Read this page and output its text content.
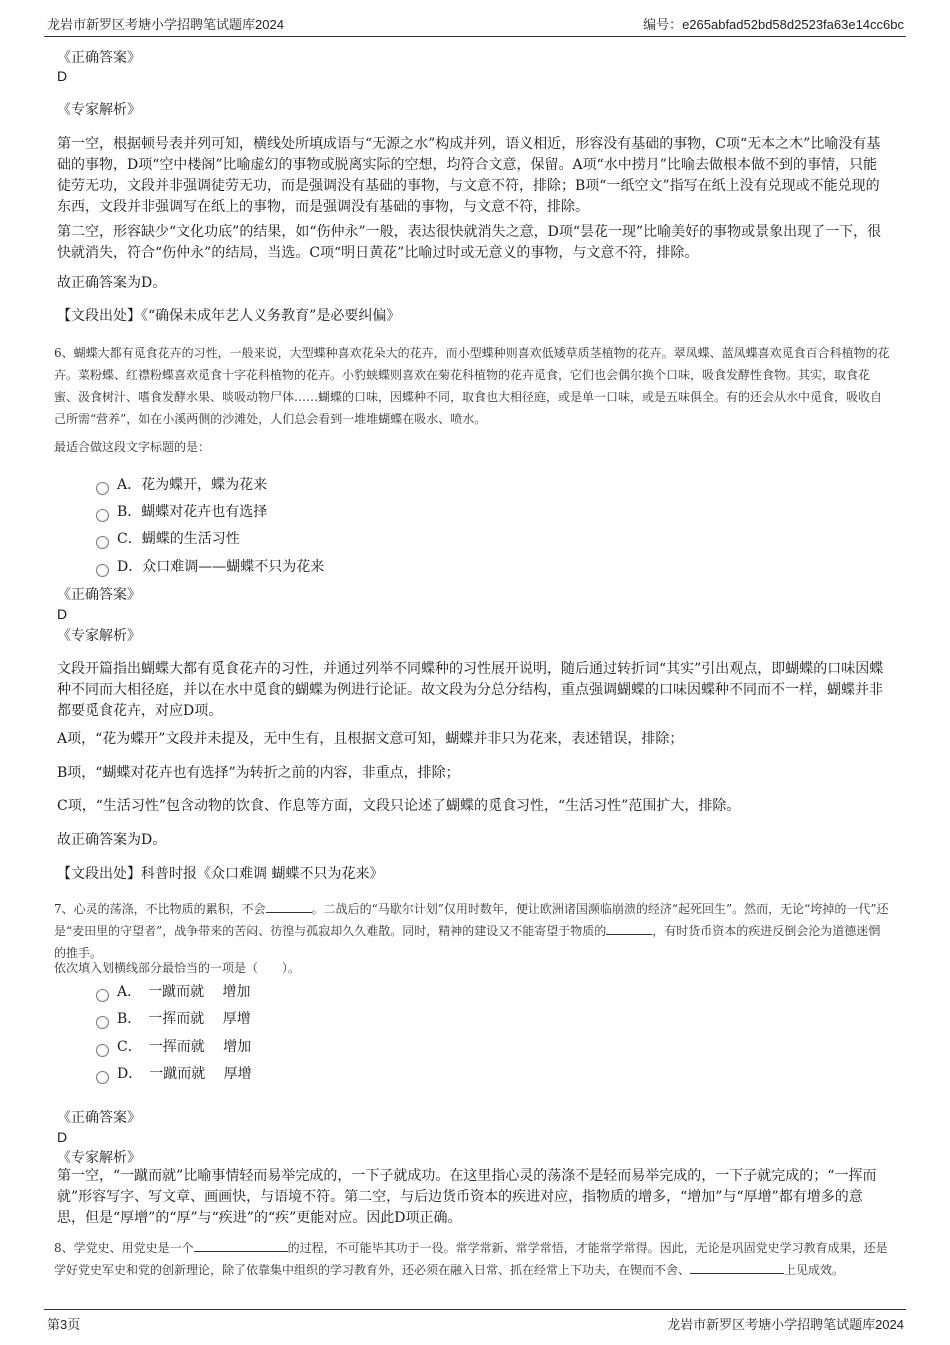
龙岩市新罗区考塘小学招聘笔试题库2024	编号：e265abfad52bd58d2523fa63e14cc6bc
《正确答案》
D
《专家解析》

第一空，根据顿号表并列可知，横线处所填成语与“无源之水”构成并列，语义相近，形容没有基础的事物，C项“无本之木”比喻没有基础的事物，D项“空中楼阁”比喻虚幻的事物或脱离实际的空想，均符合文意，保留。A项“水中捞月”比喻去做根本做不到的事情，只能徒劳无功，文段并非强调徒劳无功，而是强调没有基础的事物，与文意不符，排除；B项“一纸空文”指写在纸上没有兑现或不能兑现的东西，文段并非强调写在纸上的事物，而是强调没有基础的事物，与文意不符，排除。

第二空，形容缺少“文化功底”的结果，如“伤仲永”一般，表达很快就消失之意，D项“昙花一现”比喻美好的事物或景象出现了一下，很快就消失，符合“伤仲永”的结局，当选。C项“明日黄花”比喻过时或无意义的事物，与文意不符，排除。

故正确答案为D。

【文段出处】《“确保未成年艺人义务教育”是必要纠偏》

6、蝴蝶大都有觅食花卉的习性，一般来说，大型蝶种喜欢花朵大的花卉，而小型蝶种则喜欢低矮草质茎植物的花卉。翠凤蝶、蓝凤蝶喜欢觅食百合科植物的花卉。菜粉蝶、红襟粉蝶喜欢觅食十字花科植物的花卉。小豹蛱蝶则喜欢在菊花科植物的花卉觅食，它们也会偶尔换个口味，吸食发酵性食物。其实，取食花蜜、汲食树汁、嗜食发酵水果、啖吸动物尸体……蝴蝶的口味，因蝶种不同，取食也大相径庭，或是单一口味，或是五味俱全。有的还会从水中觅食，吸收自己所需“营养”，如在小溪两侧的沙滩处，人们总会看到一堆堆蝴蝶在吸水、喷水。

最适合做这段文字标题的是：

A．花为蝶开，蝶为花来
B．蝴蝶对花卉也有选择
C．蝴蝶的生活习性
D．众口难调——蝴蝶不只为花来
《正确答案》
D
《专家解析》

文段开篇指出蝴蝶大都有觅食花卉的习性，并通过列举不同蝶种的习性展开说明，随后通过转折词“其实”引出观点，即蝴蝶的口味因蝶种不同而大相径庭，并以在水中觅食的蝴蝶为例进行论证。故文段为分总分结构，重点强调蝴蝶的口味因蝶种不同而不一样，蝴蝶并非都要觅食花卉，对应D项。

A项，“花为蝶开”文段并未提及，无中生有，且根据文意可知，蝴蝶并非只为花来，表述错误，排除；

B项，“蝴蝶对花卉也有选择”为转折之前的内容，非重点，排除；

C项，“生活习性”包含动物的饮食、作息等方面，文段只论述了蝴蝶的觅食习性，“生活习性”范围扩大，排除。

故正确答案为D。

【文段出处】科普时报《众口难调 蝴蝶不只为花来》

7、心灵的荡涤，不比物质的累积，不会	。二战后的“马歇尔计划”仅用时数年，便让欧洲诸国濒临崩溃的经济“起死回生”。然而，无论“垮掉的一代”还是“麦田里的守望者”，战争带来的苦闷、彷徨与孤寂却久久难散。同时，精神的建设又不能寄望于物质的	，有时货币资本的疾进反倒会沦为道德迷惘的推手。

依次填入划横线部分最恰当的一项是（　　）。

A．　一蹴而就　 增加
B．　一挥而就　 厚增
C．　一挥而就　 增加
D．　一蹴而就　 厚增
《正确答案》
D
《专家解析》

第一空，“一蹴而就”比喻事情轻而易举完成的，一下子就成功。在这里指心灵的荡涤不是轻而易举完成的，一下子就完成的；“一挥而就”形容写字、写文章、画画快，与语境不符。第二空，与后边货币资本的疾进对应，指物质的增多，“增加”与“厚增”都有增多的意思，但是“厚增”的“厚”与“疾进”的“疾”更能对应。因此D项正确。

8、学党史、用党史是一个	的过程，不可能毕其功于一役。常学常新、常学常悟，才能常学常得。因此，无论是巩固党史学习教育成果，还是学好党史军史和党的创新理论，除了依靠集中组织的学习教育外，还必须在融入日常、抓在经常上下功夫，在锲而不舍、	上见成效。

第3页	龙岩市新罗区考塘小学招聘笔试题库2024
